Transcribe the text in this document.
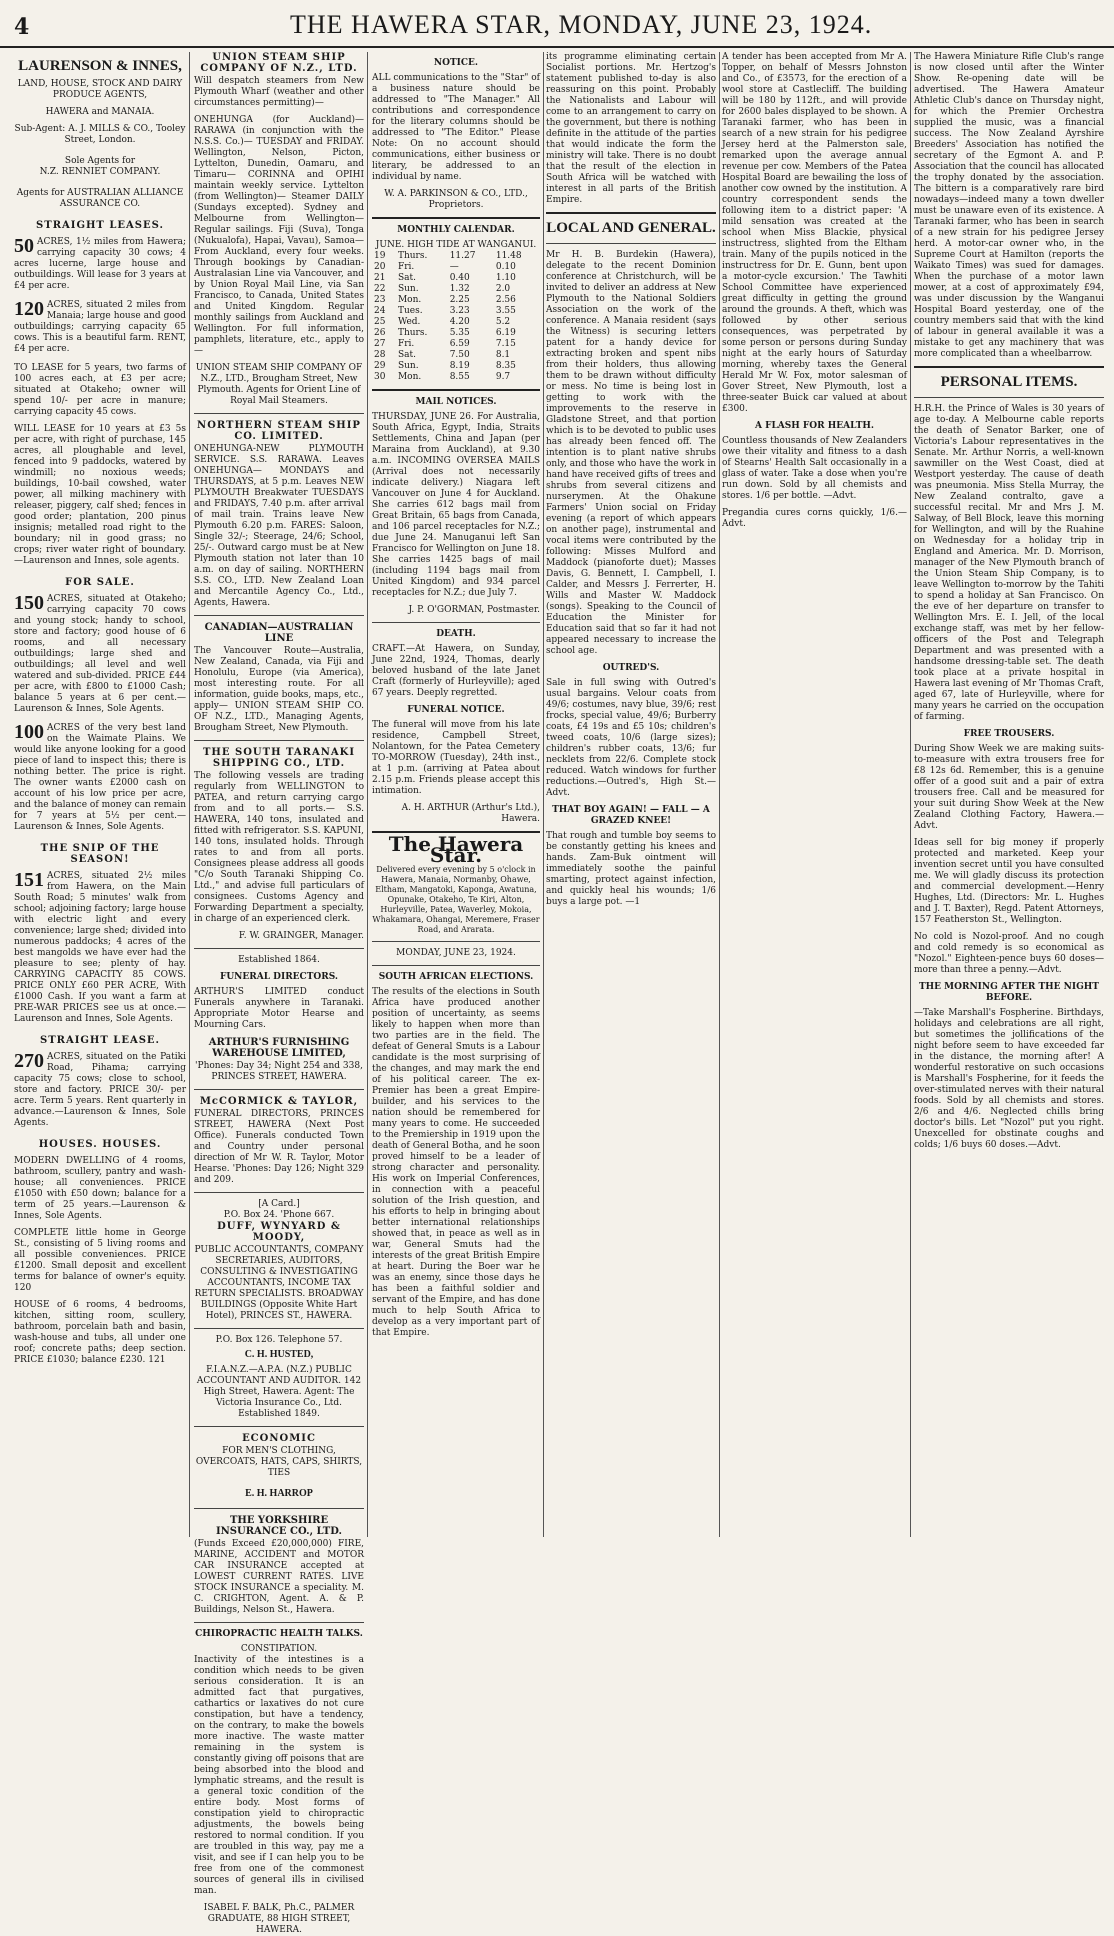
4	THE HAWERA STAR, MONDAY, JUNE 23, 1924.
LAURENSON & INNES,
LAND, HOUSE, STOCK AND DAIRY PRODUCE AGENTS,
HAWERA and MANAIA.
Sub-Agent: A. J. MILLS & CO., Tooley Street, London.
Sole Agents for
N.Z. RENNIET COMPANY.
Agents for AUSTRALIAN ALLIANCE ASSURANCE CO.
STRAIGHT LEASES.
50 ACRES, 1½ miles from Hawera; carrying capacity 30 cows; 4 acres lucerne, large house and outbuildings. Will lease for 3 years at £4 per acre.
120 ACRES, situated 2 miles from Manaia; large house and good outbuildings; carrying capacity 65 cows. This is a beautiful farm. RENT, £4 per acre.

TO LEASE for 5 years, two farms of 100 acres each, at £3 per acre; situated at Otakeho; owner will spend 10/- per acre in manure; carrying capacity 45 cows.

WILL LEASE for 10 years at £3 5s per acre, with right of purchase, 145 acres, all ploughable and level, fenced into 9 paddocks, watered by windmill; no noxious weeds; buildings, 10-bail cowshed, water power, all milking machinery with releaser, piggery, calf shed; fences in good order; plantation, 200 pinus insignis; metalled road right to the boundary; nil in good grass; no crops; river water right of boundary.—Laurenson and Innes, sole agents.

FOR SALE.
150 ACRES, situated at Otakeho; carrying capacity 70 cows and young stock; handy to school, store and factory; good house of 6 rooms, and all necessary outbuildings; large shed and outbuildings; all level and well watered and sub-divided. PRICE £44 per acre, with £800 to £1000 Cash; balance 5 years at 6 per cent.—Laurenson & Innes, Sole Agents.
100 ACRES of the very best land on the Waimate Plains. We would like anyone looking for a good piece of land to inspect this; there is nothing better. The price is right. The owner wants £2000 cash on account of his low price per acre, and the balance of money can remain for 7 years at 5½ per cent.—Laurenson & Innes, Sole Agents.
THE SNIP OF THE SEASON!
151 ACRES, situated 2½ miles from Hawera, on the Main South Road; 5 minutes' walk from school; adjoining factory; large house with electric light and every convenience; large shed; divided into numerous paddocks; 4 acres of the best mangolds we have ever had the pleasure to see; plenty of hay. CARRYING CAPACITY 85 COWS. PRICE ONLY £60 PER ACRE, With £1000 Cash. If you want a farm at PRE-WAR PRICES see us at once.—Laurenson and Innes, Sole Agents.
STRAIGHT LEASE.
270 ACRES, situated on the Patiki Road, Pihama; carrying capacity 75 cows; close to school, store and factory. PRICE 30/- per acre. Term 5 years. Rent quarterly in advance.—Laurenson & Innes, Sole Agents.
HOUSES. HOUSES.

MODERN DWELLING of 4 rooms, bathroom, scullery, pantry and wash-house; all conveniences. PRICE £1050 with £50 down; balance for a term of 25 years.—Laurenson & Innes, Sole Agents.

COMPLETE little home in George St., consisting of 5 living rooms and all possible conveniences. PRICE £1200. Small deposit and excellent terms for balance of owner's equity. 120

HOUSE of 6 rooms, 4 bedrooms, kitchen, sitting room, scullery, bathroom, porcelain bath and basin, wash-house and tubs, all under one roof; concrete paths; deep section. PRICE £1030; balance £230. 121

UNION STEAM SHIP COMPANY OF N.Z., LTD.

Will despatch steamers from New Plymouth Wharf (weather and other circumstances permitting)—

ONEHUNGA (for Auckland)— RARAWA (in conjunction with the N.S.S. Co.)— TUESDAY and FRIDAY. Wellington, Nelson, Picton, Lyttelton, Dunedin, Oamaru, and Timaru— CORINNA and OPIHI maintain weekly service. Lyttelton (from Wellington)— Steamer DAILY (Sundays excepted). Sydney and Melbourne from Wellington—Regular sailings. Fiji (Suva), Tonga (Nukualofa), Hapai, Vavau), Samoa— From Auckland, every four weeks. Through bookings by Canadian-Australasian Line via Vancouver, and by Union Royal Mail Line, via San Francisco, to Canada, United States and United Kingdom. Regular monthly sailings from Auckland and Wellington. For full information, pamphlets, literature, etc., apply to—

UNION STEAM SHIP COMPANY OF N.Z., LTD., Brougham Street, New Plymouth. Agents for Orient Line of Royal Mail Steamers.

NORTHERN STEAM SHIP CO. LIMITED.

ONEHUNGA-NEW PLYMOUTH SERVICE. S.S. RARAWA. Leaves ONEHUNGA— MONDAYS and THURSDAYS, at 5 p.m. Leaves NEW PLYMOUTH Breakwater TUESDAYS and FRIDAYS, 7.40 p.m. after arrival of mail train. Trains leave New Plymouth 6.20 p.m. FARES: Saloon, Single 32/-; Steerage, 24/6; School, 25/-. Outward cargo must be at New Plymouth station not later than 10 a.m. on day of sailing. NORTHERN S.S. CO., LTD. New Zealand Loan and Mercantile Agency Co., Ltd., Agents, Hawera.

CANADIAN—AUSTRALIAN LINE

The Vancouver Route—Australia, New Zealand, Canada, via Fiji and Honolulu, Europe (via America), most interesting route. For all information, guide books, maps, etc., apply— UNION STEAM SHIP CO. OF N.Z., LTD., Managing Agents, Brougham Street, New Plymouth.

THE SOUTH TARANAKI SHIPPING CO., LTD.

The following vessels are trading regularly from WELLINGTON to PATEA, and return carrying cargo from and to all ports.— S.S. HAWERA, 140 tons, insulated and fitted with refrigerator. S.S. KAPUNI, 140 tons, insulated holds. Through rates to and from all ports. Consignees please address all goods "C/o South Taranaki Shipping Co. Ltd.," and advise full particulars of consignees. Customs Agency and Forwarding Department a specialty, in charge of an experienced clerk.

F. W. GRAINGER, Manager.

Established 1864.
FUNERAL DIRECTORS.

ARTHUR'S LIMITED conduct Funerals anywhere in Taranaki. Appropriate Motor Hearse and Mourning Cars.

ARTHUR'S FURNISHING WAREHOUSE LIMITED,

'Phones: Day 34; Night 254 and 338, PRINCES STREET, HAWERA.

McCORMICK & TAYLOR,

FUNERAL DIRECTORS, PRINCES STREET, HAWERA (Next Post Office). Funerals conducted Town and Country under personal direction of Mr W. R. Taylor, Motor Hearse. 'Phones: Day 126; Night 329 and 209.

[A Card.]
P.O. Box 24. 'Phone 667.
DUFF, WYNYARD & MOODY,

PUBLIC ACCOUNTANTS, COMPANY SECRETARIES, AUDITORS, CONSULTING & INVESTIGATING ACCOUNTANTS, INCOME TAX RETURN SPECIALISTS. BROADWAY BUILDINGS (Opposite White Hart Hotel), PRINCES ST., HAWERA.

P.O. Box 126. Telephone 57.
C. H. HUSTED,

F.I.A.N.Z.—A.P.A. (N.Z.) PUBLIC ACCOUNTANT AND AUDITOR. 142 High Street, Hawera. Agent: The Victoria Insurance Co., Ltd. Established 1849.

ECONOMIC

FOR MEN'S CLOTHING, OVERCOATS, HATS, CAPS, SHIRTS, TIES

E. H. HARROP
THE YORKSHIRE INSURANCE CO., LTD.

(Funds Exceed £20,000,000) FIRE, MARINE, ACCIDENT and MOTOR CAR INSURANCE accepted at LOWEST CURRENT RATES. LIVE STOCK INSURANCE a speciality. M. C. CRIGHTON, Agent. A. & P. Buildings, Nelson St., Hawera.

CHIROPRACTIC HEALTH TALKS.
CONSTIPATION.

Inactivity of the intestines is a condition which needs to be given serious consideration. It is an admitted fact that purgatives, cathartics or laxatives do not cure constipation, but have a tendency, on the contrary, to make the bowels more inactive. The waste matter remaining in the system is constantly giving off poisons that are being absorbed into the blood and lymphatic streams, and the result is a general toxic condition of the entire body. Most forms of constipation yield to chiropractic adjustments, the bowels being restored to normal condition. If you are troubled in this way, pay me a visit, and see if I can help you to be free from one of the commonest sources of general ills in civilised man.

ISABEL F. BALK, Ph.C., PALMER GRADUATE, 88 HIGH STREET, HAWERA.

NOTICE.

ALL communications to the "Star" of a business nature should be addressed to "The Manager." All contributions and correspondence for the literary columns should be addressed to "The Editor." Please Note: On no account should communications, either business or literary, be addressed to an individual by name.

W. A. PARKINSON & CO., LTD., Proprietors.

MONTHLY CALENDAR.
JUNE. HIGH TIDE AT WANGANUI.
19	Thurs.	11.27	11.48
20	Fri.	—	0.10
21	Sat.	0.40	1.10
22	Sun.	1.32	2.0
23	Mon.	2.25	2.56
24	Tues.	3.23	3.55
25	Wed.	4.20	5.2
26	Thurs.	5.35	6.19
27	Fri.	6.59	7.15
28	Sat.	7.50	8.1
29	Sun.	8.19	8.35
30	Mon.	8.55	9.7
MAIL NOTICES.

THURSDAY, JUNE 26. For Australia, South Africa, Egypt, India, Straits Settlements, China and Japan (per Maraina from Auckland), at 9.30 a.m. INCOMING OVERSEA MAILS (Arrival does not necessarily indicate delivery.) Niagara left Vancouver on June 4 for Auckland. She carries 612 bags mail from Great Britain, 65 bags from Canada, and 106 parcel receptacles for N.Z.; due June 24. Manuganui left San Francisco for Wellington on June 18. She carries 1425 bags of mail (including 1194 bags mail from United Kingdom) and 934 parcel receptacles for N.Z.; due July 7.

J. P. O'GORMAN, Postmaster.

DEATH.

CRAFT.—At Hawera, on Sunday, June 22nd, 1924, Thomas, dearly beloved husband of the late Janet Craft (formerly of Hurleyville); aged 67 years. Deeply regretted.

FUNERAL NOTICE.

The funeral will move from his late residence, Campbell Street, Nolantown, for the Patea Cemetery TO-MORROW (Tuesday), 24th inst., at 1 p.m. (arriving at Patea about 2.15 p.m. Friends please accept this intimation.

A. H. ARTHUR (Arthur's Ltd.), Hawera.

The Hawera Star.
Delivered every evening by 5 o'clock in Hawera, Manaia, Normanby, Ohawe, Eltham, Mangatoki, Kaponga, Awatuna, Opunake, Otakeho, Te Kiri, Alton, Hurleyville, Patea, Waverley, Mokoia, Whakamara, Ohangai, Meremere, Fraser Road, and Ararata.
MONDAY, JUNE 23, 1924.
SOUTH AFRICAN ELECTIONS.

The results of the elections in South Africa have produced another position of uncertainty, as seems likely to happen when more than two parties are in the field. The defeat of General Smuts is a Labour candidate is the most surprising of the changes, and may mark the end of his political career. The ex-Premier has been a great Empire-builder, and his services to the nation should be remembered for many years to come. He succeeded to the Premiership in 1919 upon the death of General Botha, and he soon proved himself to be a leader of strong character and personality. His work on Imperial Conferences, in connection with a peaceful solution of the Irish question, and his efforts to help in bringing about better international relationships showed that, in peace as well as in war, General Smuts had the interests of the great British Empire at heart. During the Boer war he was an enemy, since those days he has been a faithful soldier and servant of the Empire, and has done much to help South Africa to develop as a very important part of that Empire.

its programme eliminating certain Socialist portions. Mr. Hertzog's statement published to-day is also reassuring on this point. Probably the Nationalists and Labour will come to an arrangement to carry on the government, but there is nothing definite in the attitude of the parties that would indicate the form the ministry will take. There is no doubt that the result of the election in South Africa will be watched with interest in all parts of the British Empire.

LOCAL AND GENERAL.

Mr H. B. Burdekin (Hawera), delegate to the recent Dominion conference at Christchurch, will be invited to deliver an address at New Plymouth to the National Soldiers Association on the work of the conference. A Manaia resident (says the Witness) is securing letters patent for a handy device for extracting broken and spent nibs from their holders, thus allowing them to be drawn without difficulty or mess. No time is being lost in getting to work with the improvements to the reserve in Gladstone Street, and that portion which is to be devoted to public uses has already been fenced off. The intention is to plant native shrubs only, and those who have the work in hand have received gifts of trees and shrubs from several citizens and nurserymen. At the Ohakune Farmers' Union social on Friday evening (a report of which appears on another page), instrumental and vocal items were contributed by the following: Misses Mulford and Maddock (pianoforte duet); Masses Davis, G. Bennett, I. Campbell, I. Calder, and Messrs J. Ferrerter, H. Wills and Master W. Maddock (songs). Speaking to the Council of Education the Minister for Education said that so far it had not appeared necessary to increase the school age.

OUTRED'S.

Sale in full swing with Outred's usual bargains. Velour coats from 49/6; costumes, navy blue, 39/6; rest frocks, special value, 49/6; Burberry coats, £4 19s and £5 10s; children's tweed coats, 10/6 (large sizes); children's rubber coats, 13/6; fur necklets from 22/6. Complete stock reduced. Watch windows for further reductions.—Outred's, High St.—Advt.

THAT BOY AGAIN! — FALL — A GRAZED KNEE!

That rough and tumble boy seems to be constantly getting his knees and hands. Zam-Buk ointment will immediately soothe the painful smarting, protect against infection, and quickly heal his wounds; 1/6 buys a large pot. —1

A tender has been accepted from Mr A. Topper, on behalf of Messrs Johnston and Co., of £3573, for the erection of a wool store at Castlecliff. The building will be 180 by 112ft., and will provide for 2600 bales displayed to be shown. A Taranaki farmer, who has been in search of a new strain for his pedigree Jersey herd at the Palmerston sale, remarked upon the average annual revenue per cow. Members of the Patea Hospital Board are bewailing the loss of another cow owned by the institution. A country correspondent sends the following item to a district paper: 'A mild sensation was created at the school when Miss Blackie, physical instructress, slighted from the Eltham train. Many of the pupils noticed in the instructress for Dr. E. Gunn, bent upon a motor-cycle excursion.' The Tawhiti School Committee have experienced great difficulty in getting the ground around the grounds. A theft, which was followed by other serious consequences, was perpetrated by some person or persons during Sunday night at the early hours of Saturday morning, whereby taxes the General Herald Mr W. Fox, motor salesman of Gover Street, New Plymouth, lost a three-seater Buick car valued at about £300.

A FLASH FOR HEALTH.

Countless thousands of New Zealanders owe their vitality and fitness to a dash of Stearns' Health Salt occasionally in a glass of water. Take a dose when you're run down. Sold by all chemists and stores. 1/6 per bottle. —Advt.

Pregandia cures corns quickly, 1/6.—Advt.

The Hawera Miniature Rifle Club's range is now closed until after the Winter Show. Re-opening date will be advertised. The Hawera Amateur Athletic Club's dance on Thursday night, for which the Premier Orchestra supplied the music, was a financial success. The Now Zealand Ayrshire Breeders' Association has notified the secretary of the Egmont A. and P. Association that the council has allocated the trophy donated by the association. The bittern is a comparatively rare bird nowadays—indeed many a town dweller must be unaware even of its existence. A Taranaki farmer, who has been in search of a new strain for his pedigree Jersey herd. A motor-car owner who, in the Supreme Court at Hamilton (reports the Waikato Times) was sued for damages. When the purchase of a motor lawn mower, at a cost of approximately £94, was under discussion by the Wanganui Hospital Board yesterday, one of the country members said that with the kind of labour in general available it was a mistake to get any machinery that was more complicated than a wheelbarrow.

PERSONAL ITEMS.

H.R.H. the Prince of Wales is 30 years of age to-day. A Melbourne cable reports the death of Senator Barker, one of Victoria's Labour representatives in the Senate. Mr. Arthur Norris, a well-known sawmiller on the West Coast, died at Westport yesterday. The cause of death was pneumonia. Miss Stella Murray, the New Zealand contralto, gave a successful recital. Mr and Mrs J. M. Salway, of Bell Block, leave this morning for Wellington, and will by the Ruahine on Wednesday for a holiday trip in England and America. Mr. D. Morrison, manager of the New Plymouth branch of the Union Steam Ship Company, is to leave Wellington to-morrow by the Tahiti to spend a holiday at San Francisco. On the eve of her departure on transfer to Wellington Mrs. E. I. Jell, of the local exchange staff, was met by her fellow-officers of the Post and Telegraph Department and was presented with a handsome dressing-table set. The death took place at a private hospital in Hawera last evening of Mr Thomas Craft, aged 67, late of Hurleyville, where for many years he carried on the occupation of farming.

FREE TROUSERS.

During Show Week we are making suits-to-measure with extra trousers free for £8 12s 6d. Remember, this is a genuine offer of a good suit and a pair of extra trousers free. Call and be measured for your suit during Show Week at the New Zealand Clothing Factory, Hawera.—Advt.

Ideas sell for big money if properly protected and marketed. Keep your invention secret until you have consulted me. We will gladly discuss its protection and commercial development.—Henry Hughes, Ltd. (Directors: Mr. L. Hughes and J. T. Baxter), Regd. Patent Attorneys, 157 Featherston St., Wellington.

No cold is Nozol-proof. And no cough and cold remedy is so economical as "Nozol." Eighteen-pence buys 60 doses—more than three a penny.—Advt.

THE MORNING AFTER THE NIGHT BEFORE.

—Take Marshall's Fospherine. Birthdays, holidays and celebrations are all right, but sometimes the jollifications of the night before seem to have exceeded far in the distance, the morning after! A wonderful restorative on such occasions is Marshall's Fospherine, for it feeds the over-stimulated nerves with their natural foods. Sold by all chemists and stores. 2/6 and 4/6. Neglected chills bring doctor's bills. Let "Nozol" put you right. Unexcelled for obstinate coughs and colds; 1/6 buys 60 doses.—Advt.
